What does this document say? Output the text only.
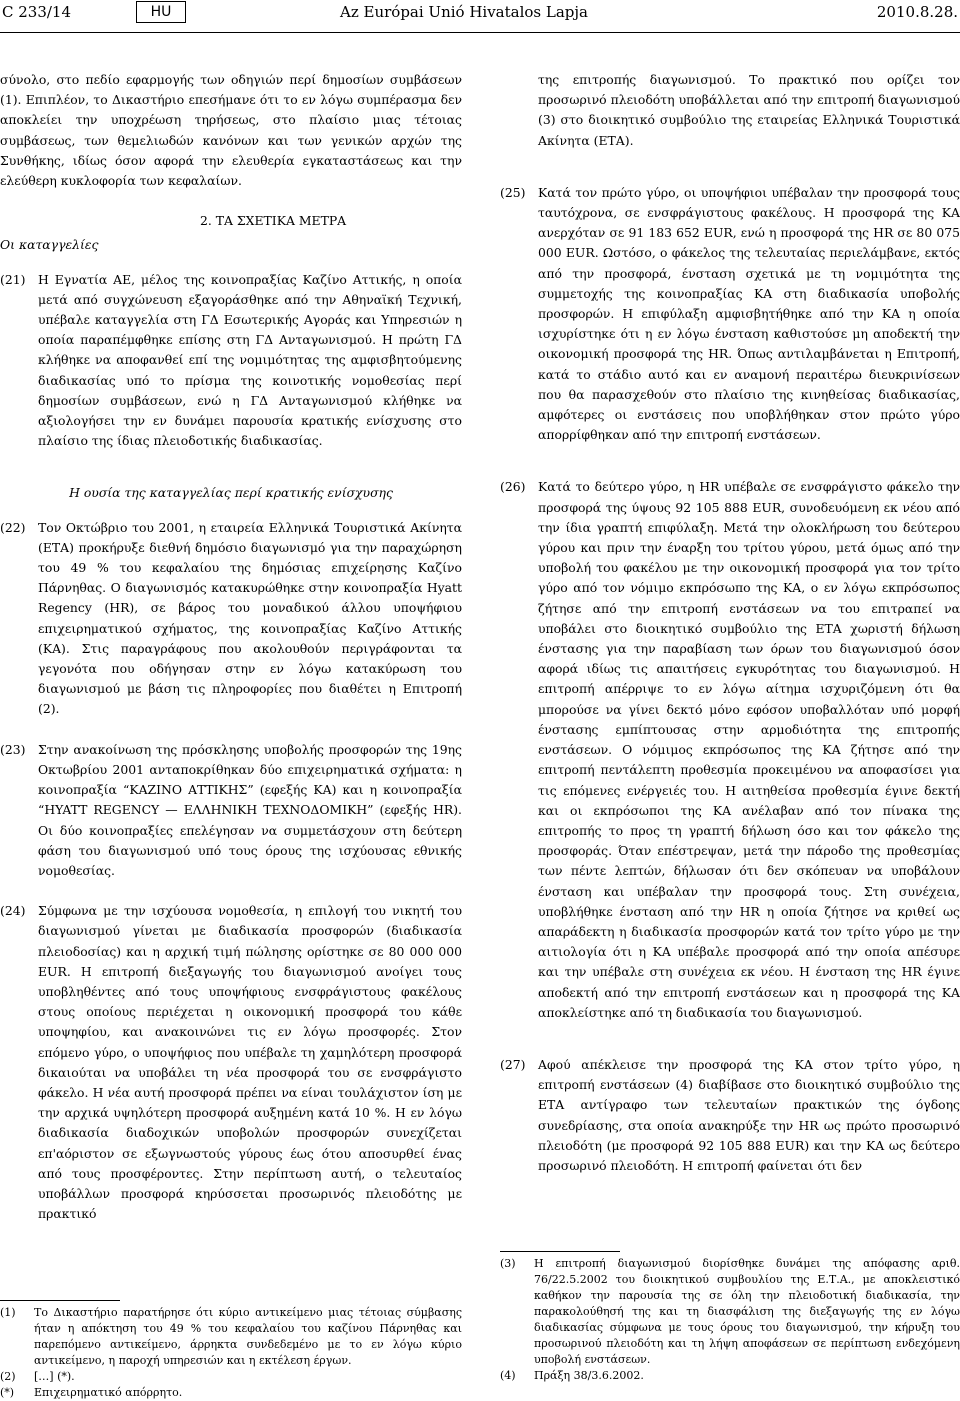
C 233/14	HU	Az Európai Unió Hivatalos Lapja	2010.8.28.

σύνολο, στο πεδίο εφαρμογής των οδηγιών περί δημοσίων συμβάσεων (1). Επιπλέον, το Δικαστήριο επεσήμανε ότι το εν λόγω συμπέρασμα δεν αποκλείει την υποχρέωση τηρήσεως, στο πλαίσιο μιας τέτοιας συμβάσεως, των θεμελιωδών κανόνων και των γενικών αρχών της Συνθήκης, ιδίως όσον αφορά την ελευθερία εγκαταστάσεως και την ελεύθερη κυκλοφορία των κεφαλαίων.

2. ΤΑ ΣΧΕΤΙΚΑ ΜΕΤΡΑ

Οι καταγγελίες

(21) Η Εγνατία ΑΕ, μέλος της κοινοπραξίας Καζίνο Αττικής, η οποία μετά από συγχώνευση εξαγοράσθηκε από την Αθηναϊκή Τεχνική, υπέβαλε καταγγελία στη ΓΔ Εσωτερικής Αγοράς και Υπηρεσιών η οποία παραπέμφθηκε επίσης στη ΓΔ Ανταγωνισμού. Η πρώτη ΓΔ κλήθηκε να αποφανθεί επί της νομιμότητας της αμφισβητούμενης διαδικασίας υπό το πρίσμα της κοινοτικής νομοθεσίας περί δημοσίων συμβάσεων, ενώ η ΓΔ Ανταγωνισμού κλήθηκε να αξιολογήσει την εν δυνάμει παρουσία κρατικής ενίσχυσης στο πλαίσιο της ίδιας πλειοδοτικής διαδικασίας.

Η ουσία της καταγγελίας περί κρατικής ενίσχυσης

(22) Τον Οκτώβριο του 2001, η εταιρεία Ελληνικά Τουριστικά Ακίνητα (ΕΤΑ) προκήρυξε διεθνή δημόσιο διαγωνισμό για την παραχώρηση του 49 % του κεφαλαίου της δημόσιας επιχείρησης Καζίνο Πάρνηθας. Ο διαγωνισμός κατακυρώθηκε στην κοινοπραξία Hyatt Regency (HR), σε βάρος του μοναδικού άλλου υποψήφιου επιχειρηματικού σχήματος, της κοινοπραξίας Καζίνο Αττικής (ΚΑ). Στις παραγράφους που ακολουθούν περιγράφονται τα γεγονότα που οδήγησαν στην εν λόγω κατακύρωση του διαγωνισμού με βάση τις πληροφορίες που διαθέτει η Επιτροπή (2).

(23) Στην ανακοίνωση της πρόσκλησης υποβολής προσφορών της 19ης Οκτωβρίου 2001 ανταποκρίθηκαν δύο επιχειρηματικά σχήματα: η κοινοπραξία “ΚΑΖΙΝΟ ΑΤΤΙΚΗΣ” (εφεξής ΚΑ) και η κοινοπραξία “HYATT REGENCY — ΕΛΛΗΝΙΚΗ ΤΕΧΝΟΔΟΜΙΚΗ” (εφεξής HR). Οι δύο κοινοπραξίες επελέγησαν να συμμετάσχουν στη δεύτερη φάση του διαγωνισμού υπό τους όρους της ισχύουσας εθνικής νομοθεσίας.

(24) Σύμφωνα με την ισχύουσα νομοθεσία, η επιλογή του νικητή του διαγωνισμού γίνεται με διαδικασία προσφορών (διαδικασία πλειοδοσίας) και η αρχική τιμή πώλησης ορίστηκε σε 80 000 000 EUR. Η επιτροπή διεξαγωγής του διαγωνισμού ανοίγει τους υποβληθέντες από τους υποψήφιους ενσφράγιστους φακέλους στους οποίους περιέχεται η οικονομική προσφορά του κάθε υποψηφίου, και ανακοινώνει τις εν λόγω προσφορές. Στον επόμενο γύρο, ο υποψήφιος που υπέβαλε τη χαμηλότερη προσφορά δικαιούται να υποβάλει τη νέα προσφορά του σε ενσφράγιστο φάκελο. Η νέα αυτή προσφορά πρέπει να είναι τουλάχιστον ίση με την αρχικά υψηλότερη προσφορά αυξημένη κατά 10 %. Η εν λόγω διαδικασία διαδοχικών υποβολών προσφορών συνεχίζεται επ'αόριστον σε εξωγνωστούς γύρους έως ότου αποσυρθεί ένας από τους προσφέροντες. Στην περίπτωση αυτή, ο τελευταίος υποβάλλων προσφορά κηρύσσεται προσωρινός πλειοδότης με πρακτικό

της επιτροπής διαγωνισμού. Το πρακτικό που ορίζει τον προσωρινό πλειοδότη υποβάλλεται από την επιτροπή διαγωνισμού (3) στο διοικητικό συμβούλιο της εταιρείας Ελληνικά Τουριστικά Ακίνητα (ΕΤΑ).

(25) Κατά τον πρώτο γύρο, οι υποψήφιοι υπέβαλαν την προσφορά τους ταυτόχρονα, σε ενσφράγιστους φακέλους. Η προσφορά της ΚΑ ανερχόταν σε 91 183 652 EUR, ενώ η προσφορά της HR σε 80 075 000 EUR. Ωστόσο, ο φάκελος της τελευταίας περιελάμβανε, εκτός από την προσφορά, ένσταση σχετικά με τη νομιμότητα της συμμετοχής της κοινοπραξίας ΚΑ στη διαδικασία υποβολής προσφορών. Η επιφύλαξη αμφισβητήθηκε από την ΚΑ η οποία ισχυρίστηκε ότι η εν λόγω ένσταση καθιστούσε μη αποδεκτή την οικονομική προσφορά της HR. Όπως αντιλαμβάνεται η Επιτροπή, κατά το στάδιο αυτό και εν αναμονή περαιτέρω διευκρινίσεων που θα παρασχεθούν στο πλαίσιο της κινηθείσας διαδικασίας, αμφότερες οι ενστάσεις που υποβλήθηκαν στον πρώτο γύρο απορρίφθηκαν από την επιτροπή ενστάσεων.

(26) Κατά το δεύτερο γύρο, η HR υπέβαλε σε ενσφράγιστο φάκελο την προσφορά της ύψους 92 105 888 EUR, συνοδευόμενη εκ νέου από την ίδια γραπτή επιφύλαξη. Μετά την ολοκλήρωση του δεύτερου γύρου και πριν την έναρξη του τρίτου γύρου, μετά όμως από την υποβολή του φακέλου με την οικονομική προσφορά για τον τρίτο γύρο από τον νόμιμο εκπρόσωπο της ΚΑ, ο εν λόγω εκπρόσωπος ζήτησε από την επιτροπή ενστάσεων να του επιτραπεί να υποβάλει στο διοικητικό συμβούλιο της ΕΤΑ χωριστή δήλωση ένστασης για την παραβίαση των όρων του διαγωνισμού όσον αφορά ιδίως τις απαιτήσεις εγκυρότητας του διαγωνισμού. Η επιτροπή απέρριψε το εν λόγω αίτημα ισχυριζόμενη ότι θα μπορούσε να γίνει δεκτό μόνο εφόσον υποβαλλόταν υπό μορφή ένστασης εμπίπτουσας στην αρμοδιότητα της επιτροπής ενστάσεων. Ο νόμιμος εκπρόσωπος της ΚΑ ζήτησε από την επιτροπή πεντάλεπτη προθεσμία προκειμένου να αποφασίσει για τις επόμενες ενέργειές του. Η αιτηθείσα προθεσμία έγινε δεκτή και οι εκπρόσωποι της ΚΑ ανέλαβαν από τον πίνακα της επιτροπής το προς τη γραπτή δήλωση όσο και τον φάκελο της προσφοράς. Όταν επέστρεψαν, μετά την πάροδο της προθεσμίας των πέντε λεπτών, δήλωσαν ότι δεν σκόπευαν να υποβάλουν ένσταση και υπέβαλαν την προσφορά τους. Στη συνέχεια, υποβλήθηκε ένσταση από την HR η οποία ζήτησε να κριθεί ως απαράδεκτη η διαδικασία προσφορών κατά τον τρίτο γύρο με την αιτιολογία ότι η ΚΑ υπέβαλε προσφορά από την οποία απέσυρε και την υπέβαλε στη συνέχεια εκ νέου. Η ένσταση της HR έγινε αποδεκτή από την επιτροπή ενστάσεων και η προσφορά της ΚΑ αποκλείστηκε από τη διαδικασία του διαγωνισμού.

(27) Αφού απέκλεισε την προσφορά της ΚΑ στον τρίτο γύρο, η επιτροπή ενστάσεων (4) διαβίβασε στο διοικητικό συμβούλιο της ΕΤΑ αντίγραφο των τελευταίων πρακτικών της όγδοης συνεδρίασης, στα οποία ανακηρύξε την HR ως πρώτο προσωρινό πλειοδότη (με προσφορά 92 105 888 EUR) και την ΚΑ ως δεύτερο προσωρινό πλειοδότη. Η επιτροπή φαίνεται ότι δεν

(1) Το Δικαστήριο παρατήρησε ότι κύριο αντικείμενο μιας τέτοιας σύμβασης ήταν η απόκτηση του 49 % του κεφαλαίου του καζίνου Πάρνηθας και παρεπόμενο αντικείμενο, άρρηκτα συνδεδεμένο με το εν λόγω κύριο αντικείμενο, η παροχή υπηρεσιών και η εκτέλεση έργων.
(2) […] (*).
(*) Επιχειρηματικό απόρρητο.
(3) Η επιτροπή διαγωνισμού διορίσθηκε δυνάμει της απόφασης αριθ. 76/22.5.2002 του διοικητικού συμβουλίου της Ε.Τ.Α., με αποκλειστικό καθήκον την παρουσία της σε όλη την πλειοδοτική διαδικασία, την παρακολούθησή της και τη διασφάλιση της διεξαγωγής της εν λόγω διαδικασίας σύμφωνα με τους όρους του διαγωνισμού, την κήρυξη του προσωρινού πλειοδότη και τη λήψη αποφάσεων σε περίπτωση ενδεχόμενη υποβολή ενστάσεων.
(4) Πράξη 38/3.6.2002.
